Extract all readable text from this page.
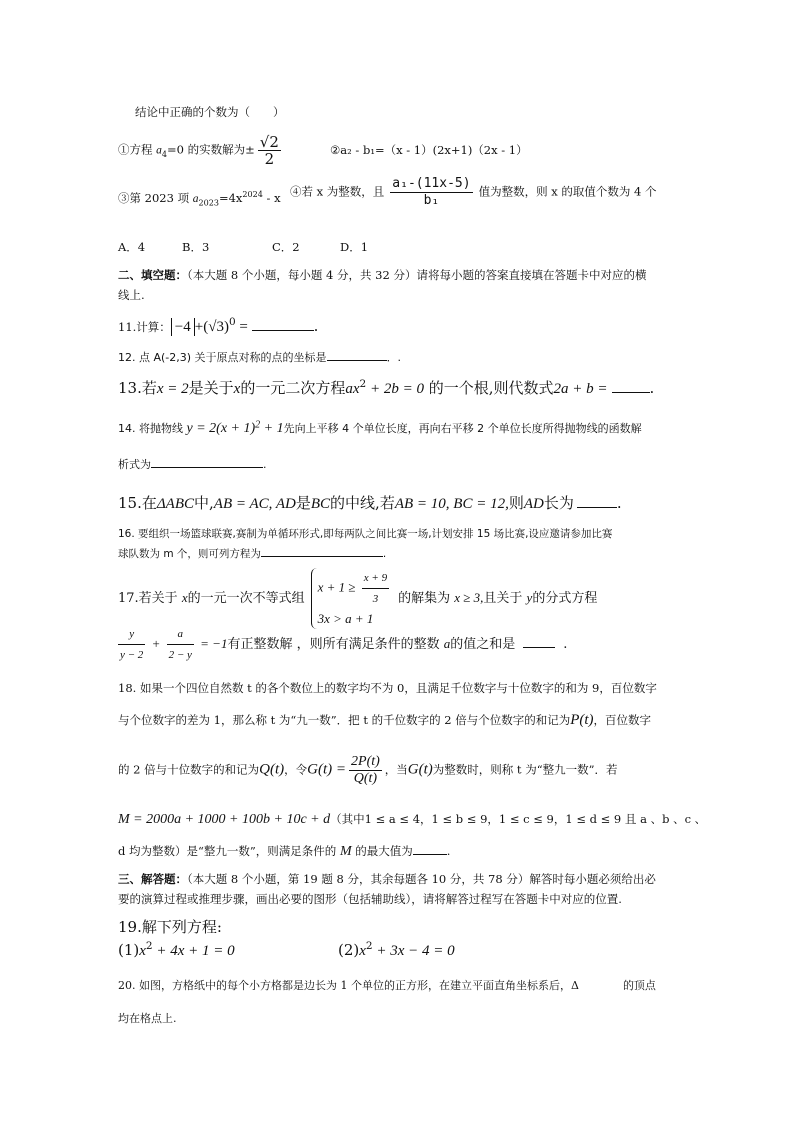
结论中正确的个数为（　　）
①方程 $a_4=0$ 的实数解为± $\frac{√2}{2}$	②a₂ - b₁=（x - 1）(2x+1)（2x - 1）
③第 2023 项 $a_{2023}=4x^{2024} - x$ ④若 x 为整数，且 $\frac{\text{a₁-(11x-5)}}{\text{b₁}}$ 值为整数，则 x 的取值个数为 4 个
A．4	B．3	C．2	D．1
二、填空题：（本大题 8 个小题，每小题 4 分，共 32 分）请将每小题的答案直接填在答题卡中对应的横
线上.
11.计算： $-4 +(√3)^0$ =	.
12. 点 A(-2,3) 关于原点对称的点的坐标是	．.
13.若x = 2是关于x的一元二次方程$ax^2 + 2b = 0$ 的一个根,则代数式2a + b =	.
14. 将抛物线 $y = 2(x + 1)^2 + 1$先向上平移 4 个单位长度，再向右平移 2 个单位长度所得抛物线的函数解
析式为	.
15.在ΔABC中,AB = AC, AD是BC的中线,若AB = 10, BC = 12,则AD长为	.
16. 要组织一场篮球联赛,赛制为单循环形式,即每两队之间比赛一场,计划安排 15 场比赛,设应邀请参加比赛
球队数为 m 个，则可列方程为	.
17.若关于 x的一元一次不等式组
$x + 1 \ge \frac{x + 9}{3}$
3x > a + 1
的解集为 x ≥ 3,且关于 y的分式方程
$\frac{y}{y - 2} + \frac{a}{2 - y} = -1$有正整数解 ，则所有满足条件的整数 a的值之和是	.
18. 如果一个四位自然数 t 的各个数位上的数字均不为 0，且满足千位数字与十位数字的和为 9，百位数字
与个位数字的差为 1，那么称 t 为“九一数”．把 t 的千位数字的 2 倍与个位数字的和记为P(t)，百位数字
的 2 倍与十位数字的和记为Q(t)，令$G(t) = \frac{2P(t)}{Q(t)}$ ，当G(t)为整数时，则称 t 为“整九一数”．若
M = 2000a + 1000 + 100b + 10c + d（其中1 ≤ a ≤ 4，1 ≤ b ≤ 9，1 ≤ c ≤ 9，1 ≤ d ≤ 9 且 a 、b 、c 、
d 均为整数）是“整九一数”，则满足条件的 M 的最大值为	.
三、解答题：（本大题 8 个小题，第 19 题 8 分，其余每题各 10 分，共 78 分）解答时每小题必须给出必
要的演算过程或推理步骤，画出必要的图形（包括辅助线），请将解答过程写在答题卡中对应的位置.
19.解下列方程:
$(1)x^2 + 4x + 1 = 0$	$(2)x^2 + 3x - 4 = 0$
20. 如图，方格纸中的每个小方格都是边长为 1 个单位的正方形，在建立平面直角坐标系后，Δ	的顶点
均在格点上.
